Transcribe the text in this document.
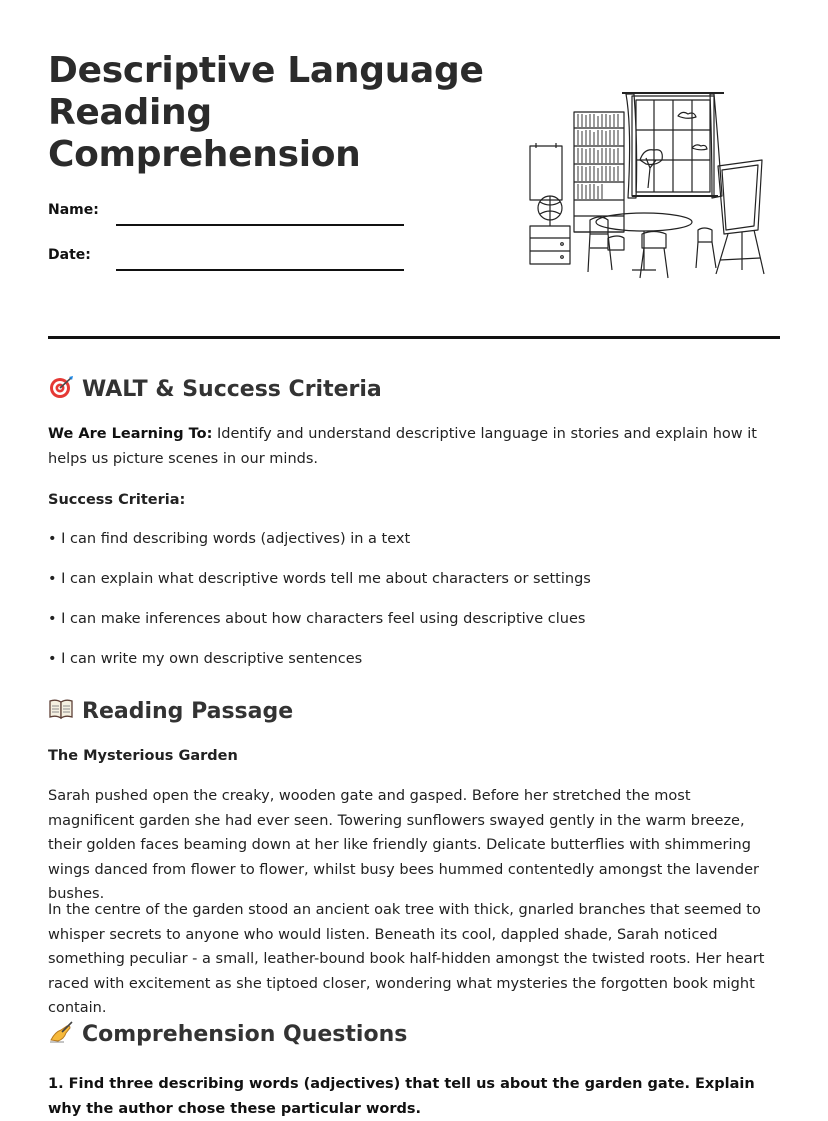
Descriptive Language
Reading
Comprehension
Name:
Date:
WALT & Success Criteria

We Are Learning To: Identify and understand descriptive language in stories and explain how it helps us picture scenes in our minds.

Success Criteria:
• I can find describing words (adjectives) in a text
• I can explain what descriptive words tell me about characters or settings
• I can make inferences about how characters feel using descriptive clues
• I can write my own descriptive sentences
Reading Passage
The Mysterious Garden

Sarah pushed open the creaky, wooden gate and gasped. Before her stretched the most magnificent garden she had ever seen. Towering sunflowers swayed gently in the warm breeze, their golden faces beaming down at her like friendly giants. Delicate butterflies with shimmering wings danced from flower to flower, whilst busy bees hummed contentedly amongst the lavender bushes.

In the centre of the garden stood an ancient oak tree with thick, gnarled branches that seemed to whisper secrets to anyone who would listen. Beneath its cool, dappled shade, Sarah noticed something peculiar - a small, leather-bound book half-hidden amongst the twisted roots. Her heart raced with excitement as she tiptoed closer, wondering what mysteries the forgotten book might contain.

Comprehension Questions

1. Find three describing words (adjectives) that tell us about the garden gate. Explain why the author chose these particular words.
